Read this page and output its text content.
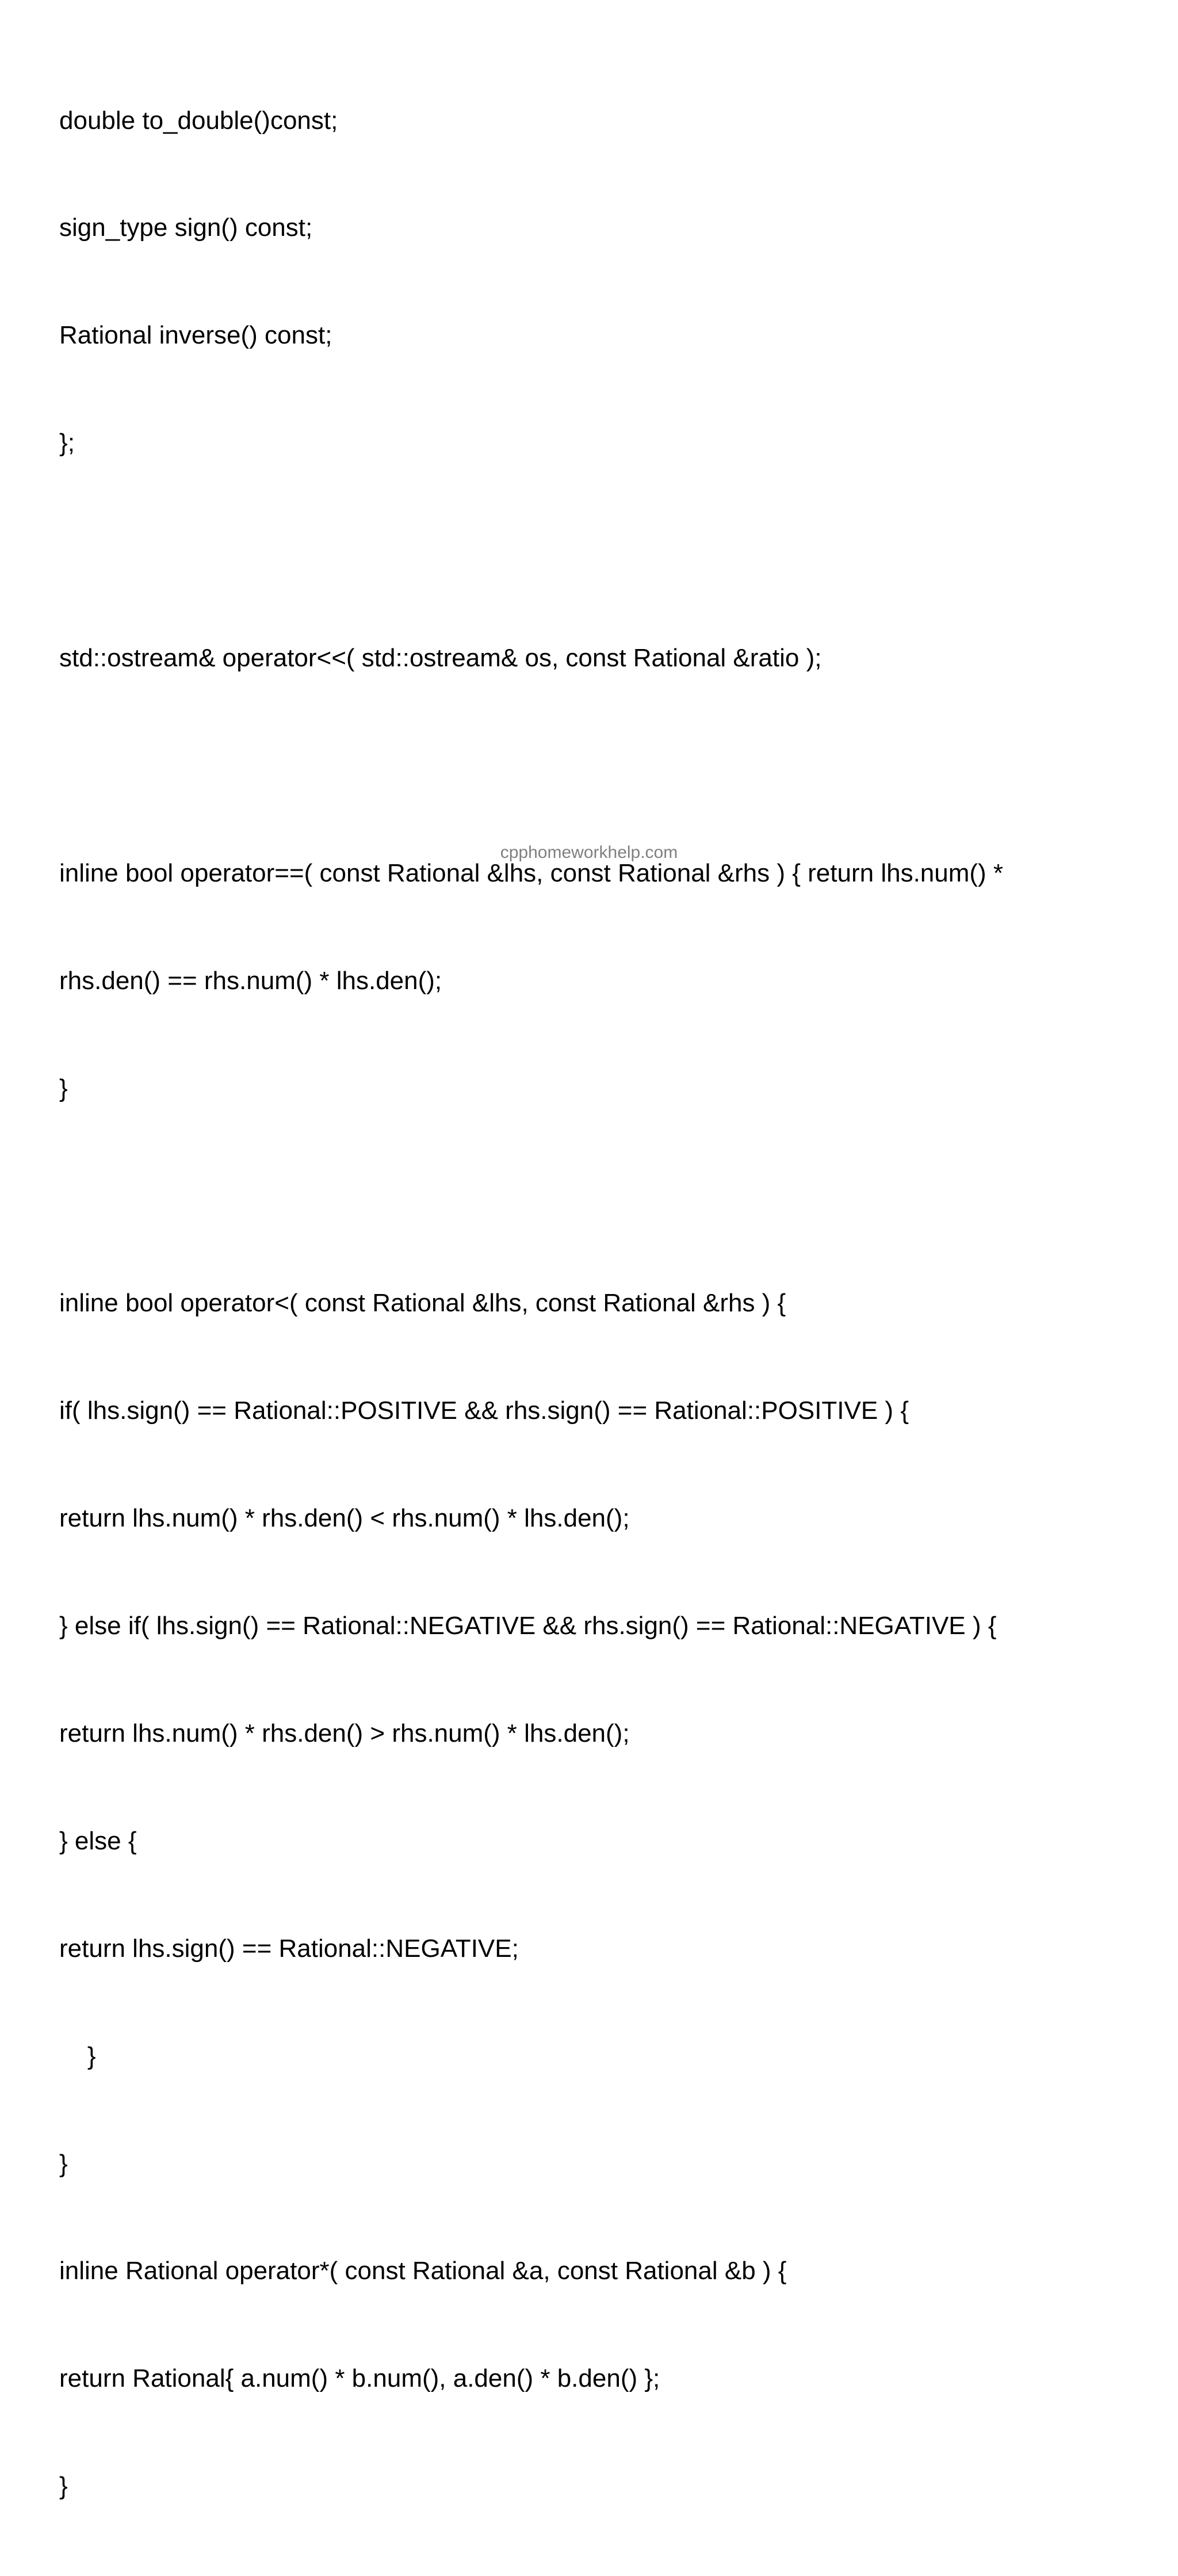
double to_double()const;

sign_type sign() const;

Rational inverse() const;

};

std::ostream& operator<<( std::ostream& os, const Rational &ratio );

inline bool operator==( const Rational &lhs, const Rational &rhs ) { return lhs.num() *

rhs.den() == rhs.num() * lhs.den();

}

inline bool operator<( const Rational &lhs, const Rational &rhs ) {

if( lhs.sign() == Rational::POSITIVE && rhs.sign() == Rational::POSITIVE ) {

return lhs.num() * rhs.den() < rhs.num() * lhs.den();

} else if( lhs.sign() == Rational::NEGATIVE && rhs.sign() == Rational::NEGATIVE ) {

return lhs.num() * rhs.den() > rhs.num() * lhs.den();

} else {

return lhs.sign() == Rational::NEGATIVE;

}

}

inline Rational operator*( const Rational &a, const Rational &b ) {

return Rational{ a.num() * b.num(), a.den() * b.den() };

}

cpphomeworkhelp.com
